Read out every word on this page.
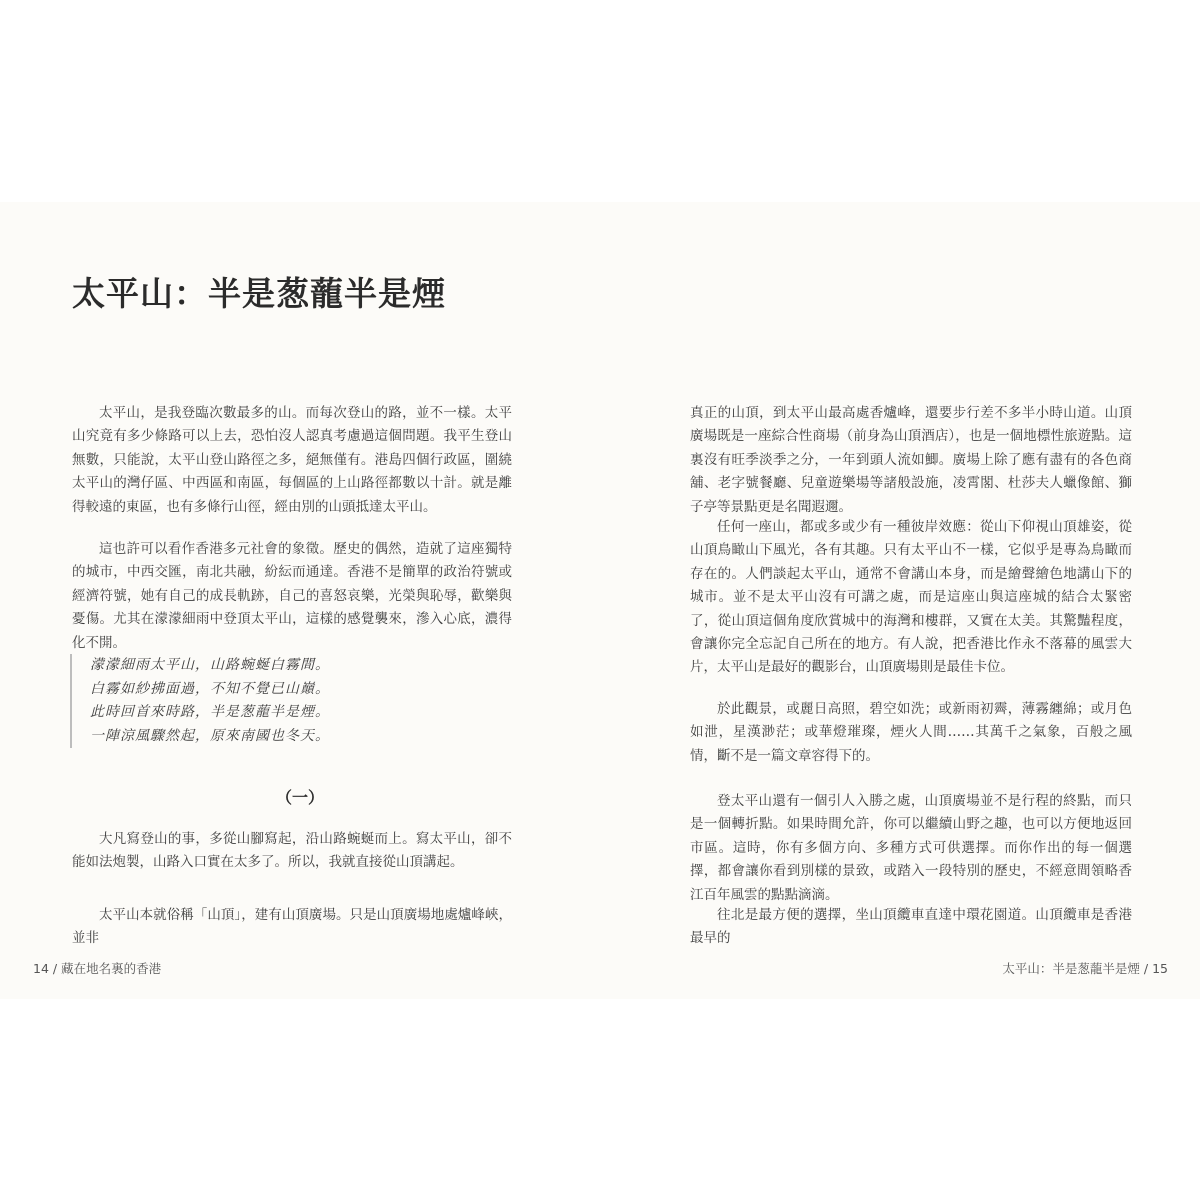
太平山：半是葱蘢半是煙

太平山，是我登臨次數最多的山。而每次登山的路，並不一樣。太平山究竟有多少條路可以上去，恐怕沒人認真考慮過這個問題。我平生登山無數，只能說，太平山登山路徑之多，絕無僅有。港島四個行政區，圍繞太平山的灣仔區、中西區和南區，每個區的上山路徑都數以十計。就是離得較遠的東區，也有多條行山徑，經由別的山頭抵達太平山。

這也許可以看作香港多元社會的象徵。歷史的偶然，造就了這座獨特的城市，中西交匯，南北共融，紛紜而通達。香港不是簡單的政治符號或經濟符號，她有自己的成長軌跡，自己的喜怒哀樂，光榮與恥辱，歡樂與憂傷。尤其在濛濛細雨中登頂太平山，這樣的感覺襲來，滲入心底，濃得化不開。

濛濛細雨太平山，山路蜿蜒白霧間。
白霧如紗拂面過，不知不覺已山巔。
此時回首來時路，半是葱蘢半是煙。
一陣涼風驟然起，原來南國也冬天。
（一）

大凡寫登山的事，多從山腳寫起，沿山路蜿蜒而上。寫太平山，卻不能如法炮製，山路入口實在太多了。所以，我就直接從山頂講起。

太平山本就俗稱「山頂」，建有山頂廣場。只是山頂廣場地處爐峰峽，並非

14 / 藏在地名裏的香港

真正的山頂，到太平山最高處香爐峰，還要步行差不多半小時山道。山頂廣場既是一座綜合性商場（前身為山頂酒店），也是一個地標性旅遊點。這裏沒有旺季淡季之分，一年到頭人流如鯽。廣場上除了應有盡有的各色商舖、老字號餐廳、兒童遊樂場等諸般設施，凌霄閣、杜莎夫人蠟像館、獅子亭等景點更是名聞遐邇。

任何一座山，都或多或少有一種彼岸效應：從山下仰視山頂雄姿，從山頂鳥瞰山下風光，各有其趣。只有太平山不一樣，它似乎是專為鳥瞰而存在的。人們談起太平山，通常不會講山本身，而是繪聲繪色地講山下的城市。並不是太平山沒有可講之處，而是這座山與這座城的結合太緊密了，從山頂這個角度欣賞城中的海灣和樓群，又實在太美。其驚豔程度，會讓你完全忘記自己所在的地方。有人說，把香港比作永不落幕的風雲大片，太平山是最好的觀影台，山頂廣場則是最佳卡位。

於此觀景，或麗日高照，碧空如洗；或新雨初霽，薄霧纏綿；或月色如泄，星漢渺茫；或華燈璀璨，煙火人間……其萬千之氣象，百般之風情，斷不是一篇文章容得下的。

登太平山還有一個引人入勝之處，山頂廣場並不是行程的終點，而只是一個轉折點。如果時間允許，你可以繼續山野之趣，也可以方便地返回市區。這時，你有多個方向、多種方式可供選擇。而你作出的每一個選擇，都會讓你看到別樣的景致，或踏入一段特別的歷史，不經意間領略香江百年風雲的點點滴滴。

往北是最方便的選擇，坐山頂纜車直達中環花園道。山頂纜車是香港最早的

太平山：半是葱蘢半是煙 / 15
